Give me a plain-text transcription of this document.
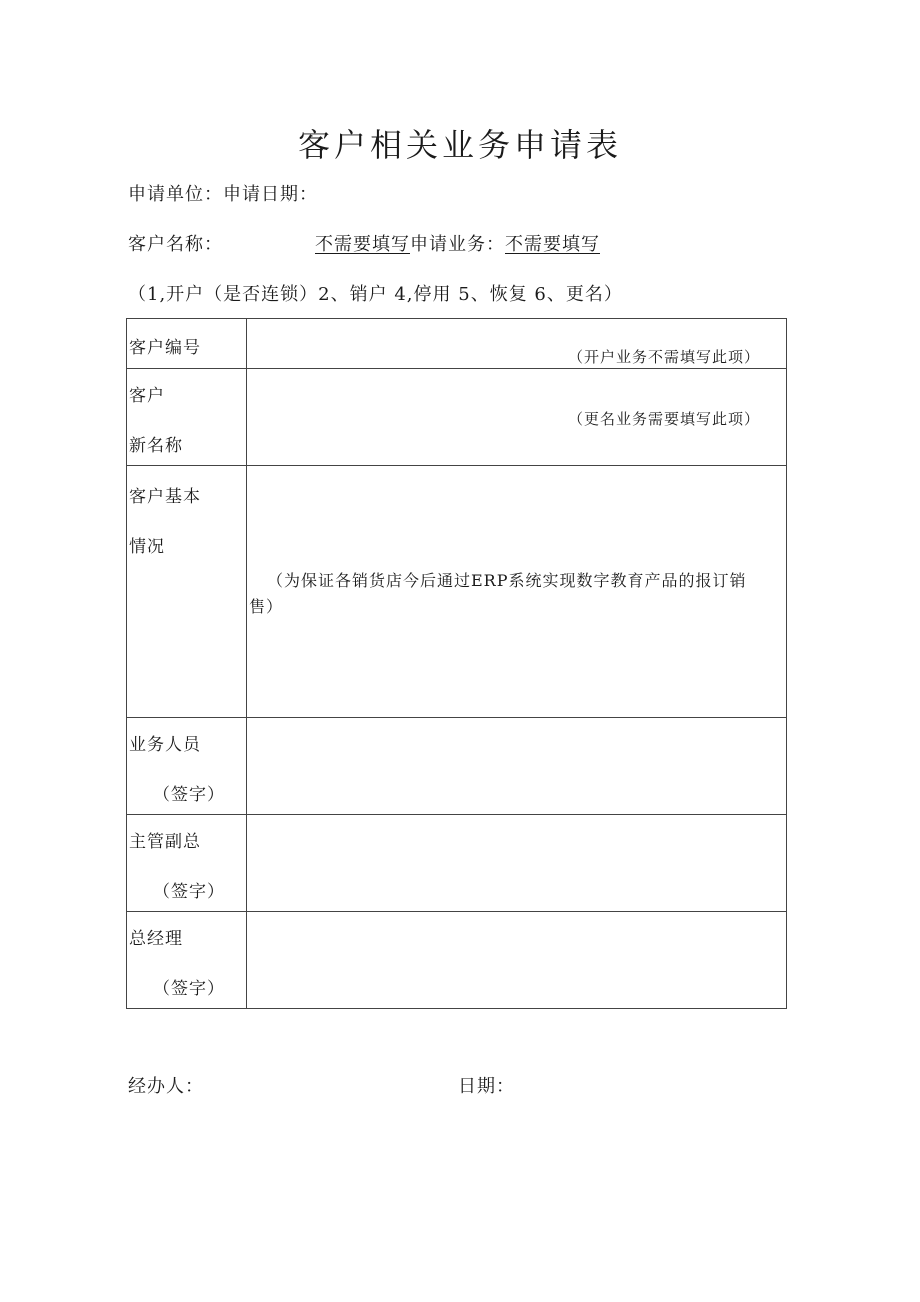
客户相关业务申请表
申请单位：申请日期：
客户名称：	不需要填写申请业务：不需要填写
（1,开户（是否连锁）2、销户 4,停用 5、恢复 6、更名）
客户编号	（开户业务不需填写此项）

客户
新名称	（更名业务需要填写此项）

客户基本
情况	（为保证各销货店今后通过ERP系统实现数字教育产品的报订销售）

业务人员
（签字）	

主管副总
（签字）	

总经理
（签字）	

经办人：	日期：
